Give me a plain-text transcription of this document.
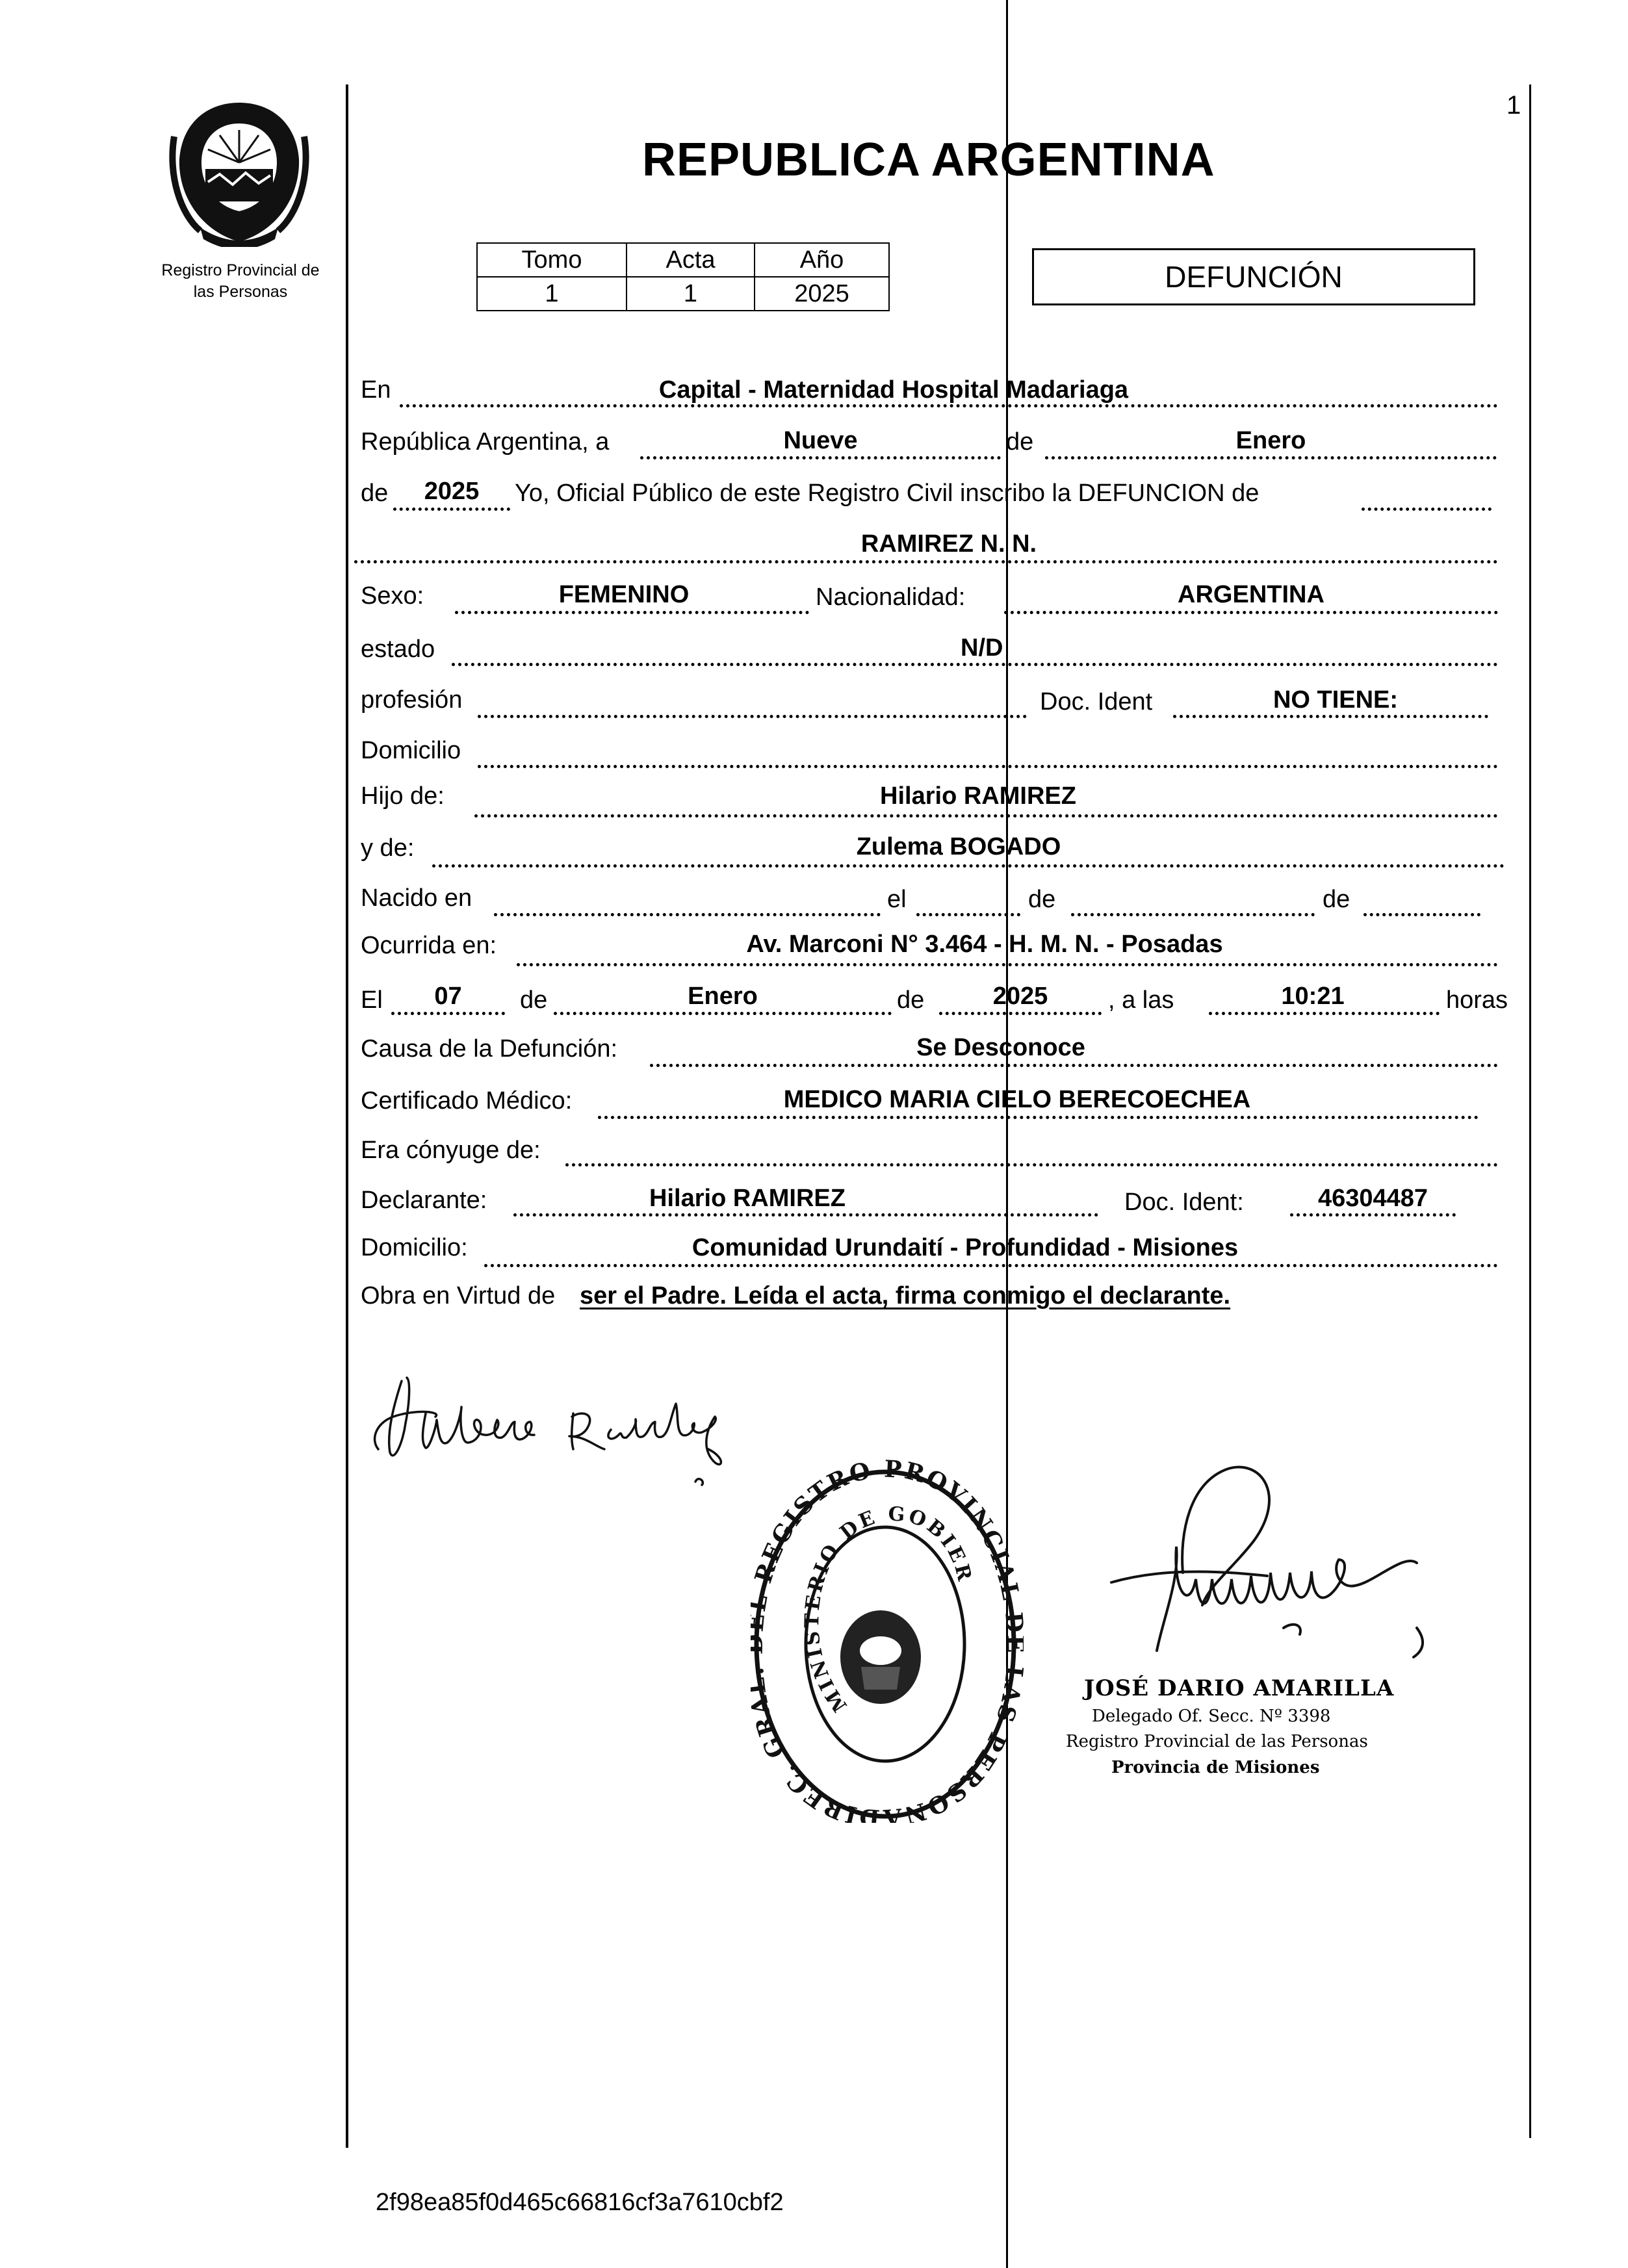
1
Registro Provincial de
las Personas
REPUBLICA ARGENTINA
Tomo	Acta	Año
1	1	2025	DEFUNCIÓN
En	Capital - Maternidad Hospital Madariaga
República Argentina, a	Nueve	de	Enero
de	2025	Yo, Oficial Público de este Registro Civil inscribo la DEFUNCION de
RAMIREZ N. N.
Sexo:	FEMENINO	Nacionalidad:	ARGENTINA
estado	N/D
profesión	Doc. Ident	NO TIENE:
Domicilio
Hijo de:	Hilario RAMIREZ
y de:	Zulema BOGADO
Nacido en	el	de	de
Ocurrida en:	Av. Marconi N° 3.464 - H. M. N. - Posadas
El	07	de	Enero	de	2025	, a las	10:21	horas
Causa de la Defunción:	Se Desconoce
Certificado Médico:	MEDICO MARIA CIELO BERECOECHEA
Era cónyuge de:
Declarante:	Hilario RAMIREZ	Doc. Ident:	46304487
Domicilio:	Comunidad Urundaití - Profundidad - Misiones
Obra en Virtud de ser el Padre. Leída el acta, firma conmigo el declarante.
DIREC. GR REGISTRO PROVINCIAL AS PERSONA
MINISTERIO DE GOBIER
JOSÉ DARIO AMARILLA
Delegado Of. Secc. Nº 3398
Registro Provincial de las Personas
Provincia de Misiones
2f98ea85f0d465c66816cf3a7610cbf2
